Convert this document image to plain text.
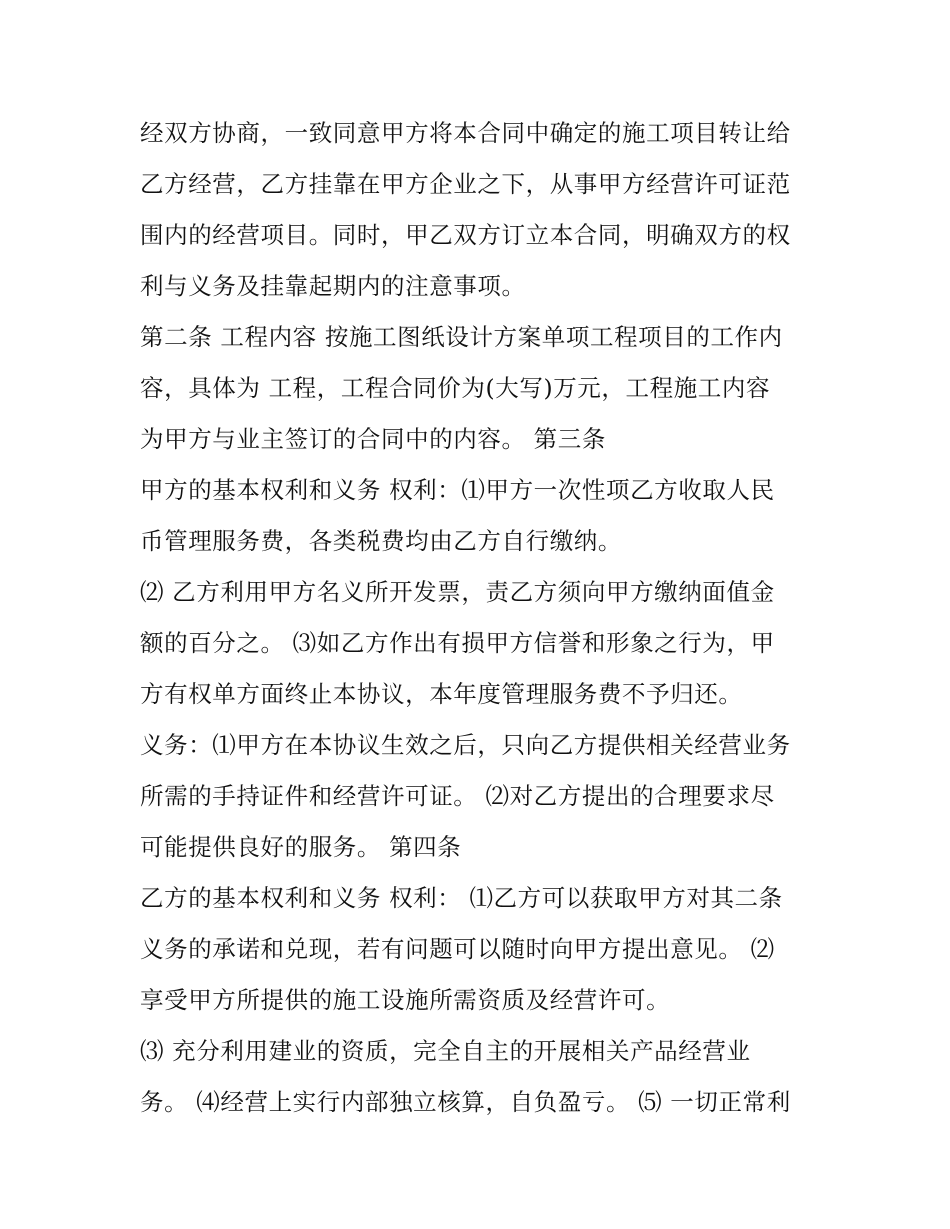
经双方协商，一致同意甲方将本合同中确定的施工项目转让给
乙方经营，乙方挂靠在甲方企业之下，从事甲方经营许可证范
围内的经营项目。同时，甲乙双方订立本合同，明确双方的权
利与义务及挂靠起期内的注意事项。
第二条 工程内容 按施工图纸设计方案单项工程项目的工作内
容，具体为 工程，工程合同价为(大写)万元，工程施工内容
为甲方与业主签订的合同中的内容。 第三条
甲方的基本权利和义务 权利：⑴甲方一次性项乙方收取人民
币管理服务费，各类税费均由乙方自行缴纳。
⑵ 乙方利用甲方名义所开发票，责乙方须向甲方缴纳面值金
额的百分之。 ⑶如乙方作出有损甲方信誉和形象之行为，甲
方有权单方面终止本协议，本年度管理服务费不予归还。
义务：⑴甲方在本协议生效之后，只向乙方提供相关经营业务
所需的手持证件和经营许可证。 ⑵对乙方提出的合理要求尽
可能提供良好的服务。 第四条
乙方的基本权利和义务 权利： ⑴乙方可以获取甲方对其二条
义务的承诺和兑现，若有问题可以随时向甲方提出意见。 ⑵
享受甲方所提供的施工设施所需资质及经营许可。
⑶ 充分利用建业的资质，完全自主的开展相关产品经营业
务。 ⑷经营上实行内部独立核算，自负盈亏。 ⑸ 一切正常利
